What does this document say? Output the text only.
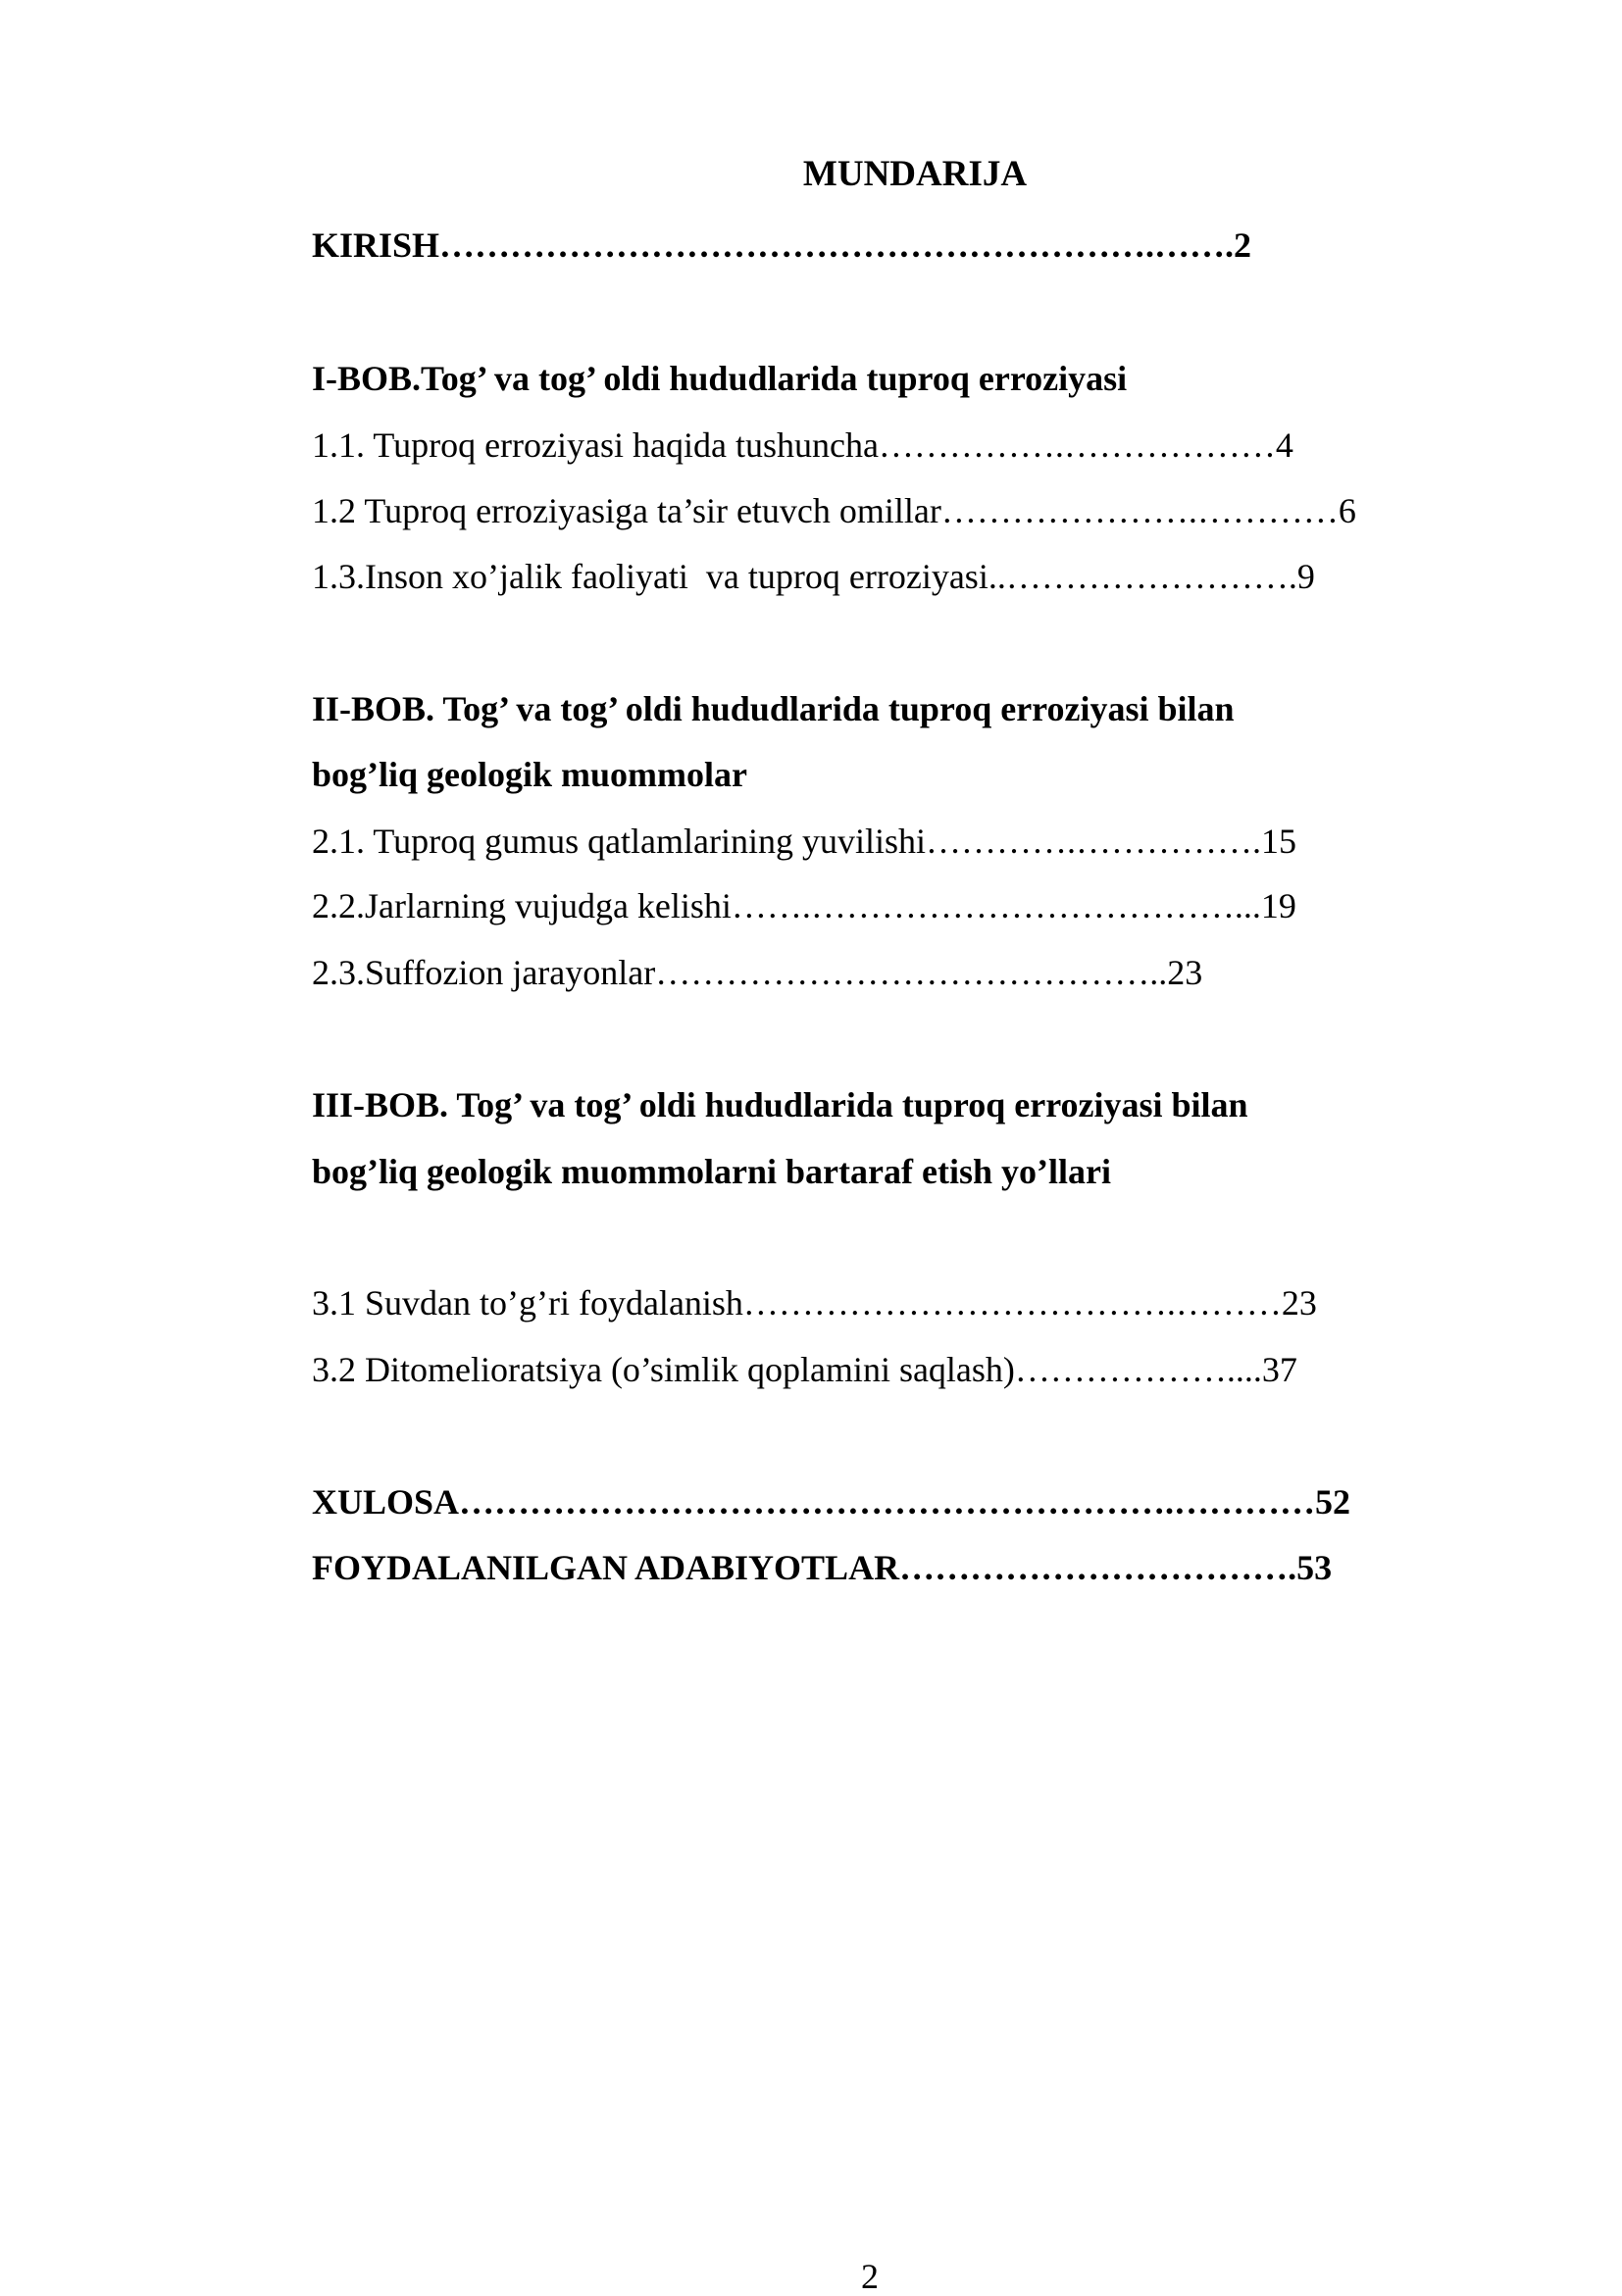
MUNDARIJA
KIRISH…………………………………………………….…….2
I-BOB.Tog’ va tog’ oldi hududlarida tuproq erroziyasi
1.1. Tuproq erroziyasi haqida tushuncha…………….………………4
1.2 Tuproq erroziyasiga ta’sir etuvch omillar………………….…………6
1.3.Inson xo’jalik faoliyati  va tuproq erroziyasi..…………………….9
II-BOB. Tog’ va tog’ oldi hududlarida tuproq erroziyasi bilan
bog’liq geologik muommolar
2.1. Tuproq gumus qatlamlarining yuvilishi………….…………….15
2.2.Jarlarning vujudga kelishi…….………………………………...19
2.3.Suffozion jarayonlar……………………………………..23
III-BOB. Tog’ va tog’ oldi hududlarida tuproq erroziyasi bilan
bog’liq geologik muommolarni bartaraf etish yo’llari
3.1 Suvdan to’g’ri foydalanish……………………………….………23
3.2 Ditomelioratsiya (o’simlik qoplamini saqlash)………………....37
XULOSA…………………………………………………….…………52
FOYDALANILGAN ADABIYOTLAR…………………………….53
2
